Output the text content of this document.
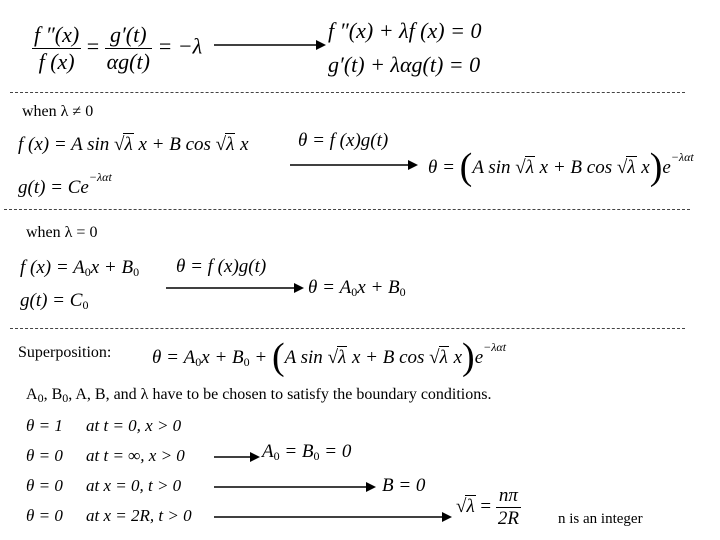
$\frac{f ''(x)}{f (x)} = \frac{g'(t)}{\alpha g(t)} = -\lambda$
f ″(x) + λf (x) = 0
g′(t) + λαg(t) = 0
when λ ≠ 0
f (x) = A sin √λ x + B cos √λ x	θ = f (x)g(t)
$g(t) = Ce^{-\lambda\alpha t}$	θ = (A sin √λ x + B cos √λ $x)e^{-\lambda\alpha t}$
when λ = 0
f $(x) = A_0x + B_0$ θ = f (x)g(t)
$g(t) = C_0$
$\theta = A_0x + B_0$
Superposition: $\theta = A_0x + B_0 + (A$ sin √λ x + B cos √λ $x)e^{-\lambda\alpha t}$
$A_0$, $B_0$, A, B, and λ have to be chosen to satisfy the boundary conditions.
θ = 1 at t = 0, x > 0
θ = 0 at t = ∞, x > 0
θ = 0 at x = 0, t > 0
θ = 0 at x = 2R, t > 0
$A_0 = B_0 = 0$
B = 0
$√\lambda = \frac{n\pi}{2R}$ n is an integer
